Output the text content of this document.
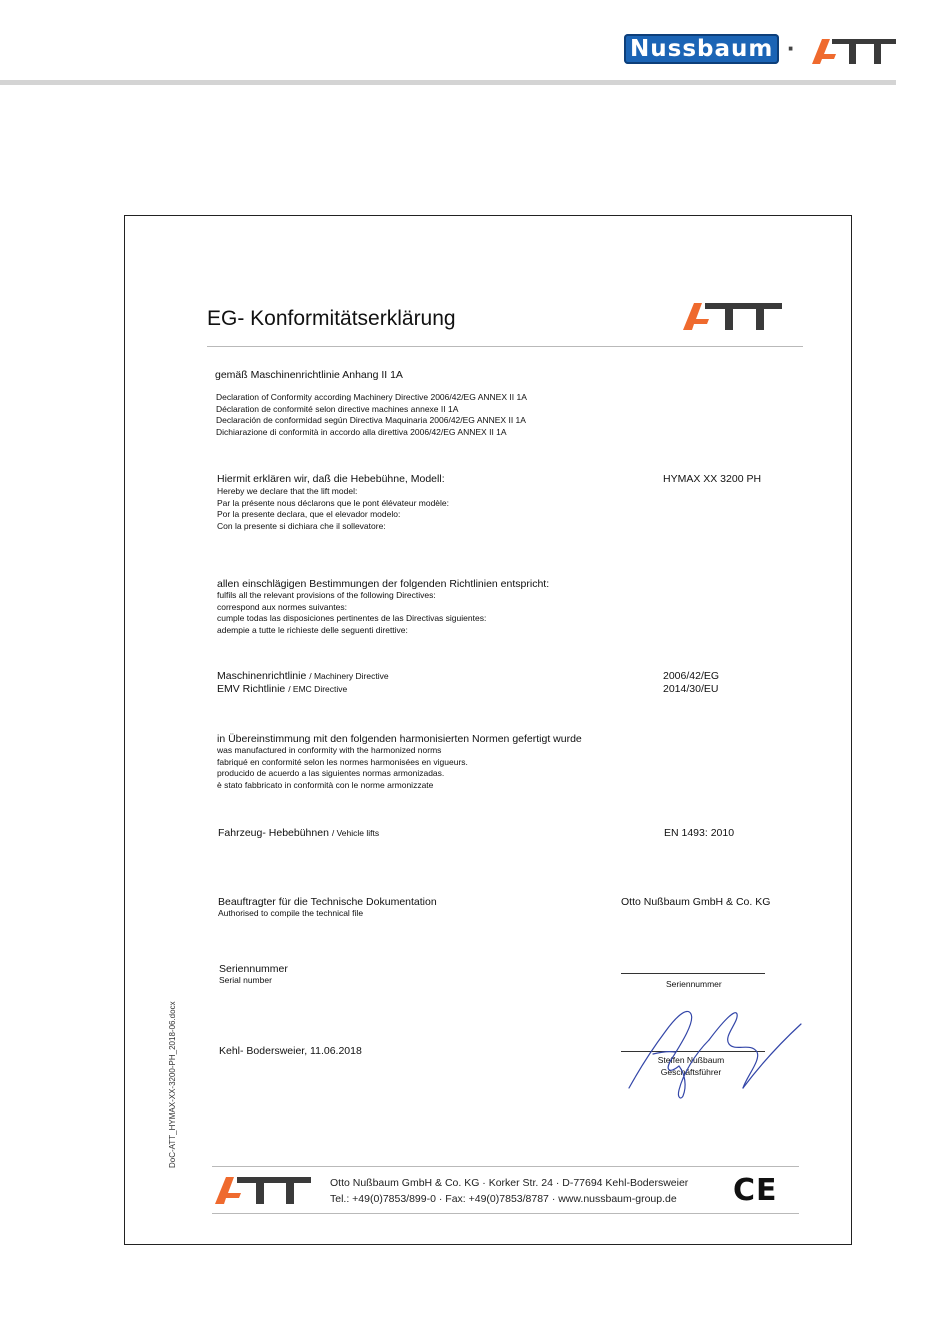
Nussbaum ·
EG- Konformitätserklärung
gemäß Maschinenrichtlinie Anhang II 1A
Declaration of Conformity according Machinery Directive 2006/42/EG ANNEX II 1A
Déclaration de conformité selon directive machines annexe II 1A
Declaración de conformidad según Directiva Maquinaria 2006/42/EG ANNEX II 1A
Dichiarazione di conformità in accordo alla direttiva 2006/42/EG ANNEX II 1A
Hiermit erklären wir, daß die Hebebühne, Modell:
Hereby we declare that the lift model:
Par la présente nous déclarons que le pont élévateur modèle:
Por la presente declara, que el elevador modelo:
Con la presente si dichiara che il sollevatore:
HYMAX XX 3200 PH
allen einschlägigen Bestimmungen der folgenden Richtlinien entspricht:
fulfils all the relevant provisions of the following Directives:
correspond aux normes suivantes:
cumple todas las disposiciones pertinentes de las Directivas siguientes:
adempie a tutte le richieste delle seguenti direttive:
Maschinenrichtlinie / Machinery Directive	2006/42/EG
EMV Richtlinie / EMC Directive	2014/30/EU
in Übereinstimmung mit den folgenden harmonisierten Normen gefertigt wurde
was manufactured in conformity with the harmonized norms
fabriqué en conformité selon les normes harmonisées en vigueurs.
producido de acuerdo a las siguientes normas armonizadas.
è stato fabbricato in conformità con le norme armonizzate
Fahrzeug- Hebebühnen / Vehicle lifts	EN 1493: 2010
Beauftragter für die Technische Dokumentation
Authorised to compile the technical file
Otto Nußbaum GmbH & Co. KG
Seriennummer
Serial number	Seriennummer
Kehl- Bodersweier, 11.06.2018
Steffen Nußbaum
Geschäftsführer
DoC-ATT_HYMAX-XX-3200-PH_2018-06.docx
Otto Nußbaum GmbH & Co. KG · Korker Str. 24 · D-77694 Kehl-Bodersweier
Tel.: +49(0)7853/899-0 · Fax: +49(0)7853/8787 · www.nussbaum-group.de	CE
